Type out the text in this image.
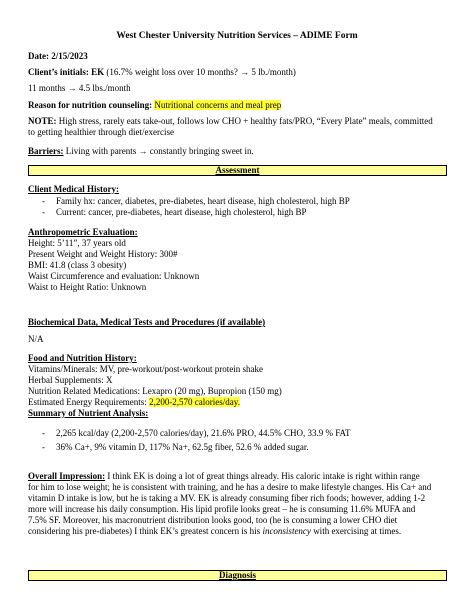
West Chester University Nutrition Services – ADIME Form
Date: 2/15/2023
Client’s initials: EK (16.7% weight loss over 10 months? → 5 lb./month)
11 months → 4.5 lbs./month
Reason for nutrition counseling: Nutritional concerns and meal prep
NOTE: High stress, rarely eats take-out, follows low CHO + healthy fats/PRO, “Every Plate” meals, committed
to getting healthier through diet/exercise
Barriers: Living with parents → constantly bringing sweet in.
Assessment
Client Medical History:
- Family hx: cancer, diabetes, pre-diabetes, heart disease, high cholesterol, high BP
- Current: cancer, pre-diabetes, heart disease, high cholesterol, high BP
Anthropometric Evaluation:
Height: 5’11”, 37 years old
Present Weight and Weight History: 300#
BMI: 41.8 (class 3 obesity)
Waist Circumference and evaluation: Unknown
Waist to Height Ratio: Unknown
Biochemical Data, Medical Tests and Procedures (if available)
N/A
Food and Nutrition History:
Vitamins/Minerals: MV, pre-workout/post-workout protein shake
Herbal Supplements: X
Nutrition Related Medications: Lexapro (20 mg), Bupropion (150 mg)
Estimated Energy Requirements: 2,200-2,570 calories/day.
Summary of Nutrient Analysis:
- 2,265 kcal/day (2,200-2,570 calories/day), 21.6% PRO, 44.5% CHO, 33.9 % FAT
- 36% Ca+, 9% vitamin D, 117% Na+, 62.5g fiber, 52.6 % added sugar.
Overall Impression: I think EK is doing a lot of great things already. His caloric intake is right within range
for him to lose weight; he is consistent with training, and he has a desire to make lifestyle changes. His Ca+ and
vitamin D intake is low, but he is taking a MV. EK is already consuming fiber rich foods; however, adding 1-2
more will increase his daily consumption. His lipid profile looks great – he is consuming 11.6% MUFA and
7.5% SF. Moreover, his macronutrient distribution looks good, too (he is consuming a lower CHO diet
considering his pre-diabetes) I think EK’s greatest concern is his inconsistency with exercising at times.
Diagnosis
